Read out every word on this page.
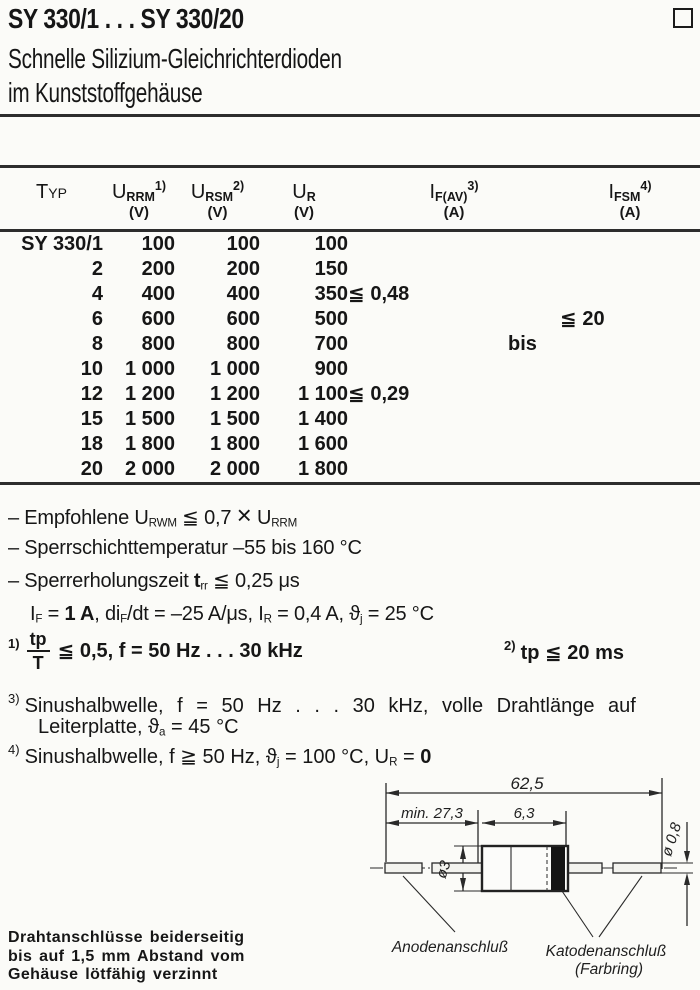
SY 330/1 . . . SY 330/20
Schnelle Silizium-Gleichrichterdioden
im Kunststoffgehäuse
Typ	URRM$^{1)}$	URSM$^{2)}$	UR	IF(AV)$^{3)}$	IFSM$^{4)}$
	(V)	(V)	(V)	(A)	(A)
SY 330/1	100	100	100		
2	200	200	150		
4	400	400	350	≦ 0,48	
6	600	600	500		≦ 20
8	800	800	700	bis	
10	1 000	1 000	900		
12	1 200	1 200	1 100	≦ 0,29	
15	1 500	1 500	1 400		
18	1 800	1 800	1 600		
20	2 000	2 000	1 800		
– Empfohlene URWM ≦ 0,7 × URRM
– Sperrschichttemperatur –55 bis 160 °C
– Sperrerholungszeit trr ≦ 0,25 μs
IF = 1 A, diF/dt = –25 A/μs, IR = 0,4 A, ϑj = 25 °C
$^{1)} \frac{tp}{T}$ ≦ 0,5, f = 50 Hz . . . 30 kHz	$^{2)}$ tp ≦ 20 ms
$^{3)}$ Sinushalbwelle, f = 50 Hz . . . 30 kHz, volle Drahtlänge auf
Leiterplatte, ϑa = 45 °C
$^{4)}$ Sinushalbwelle, f ≧ 50 Hz, ϑj = 100 °C, UR = 0
62,5
min. 27,3	6,3
ø3
ø 0,8
Anodenanschluß Katodenanschluß
(Farbring)
Drahtanschlüsse beiderseitig
bis auf 1,5 mm Abstand vom
Gehäuse lötfähig verzinnt
